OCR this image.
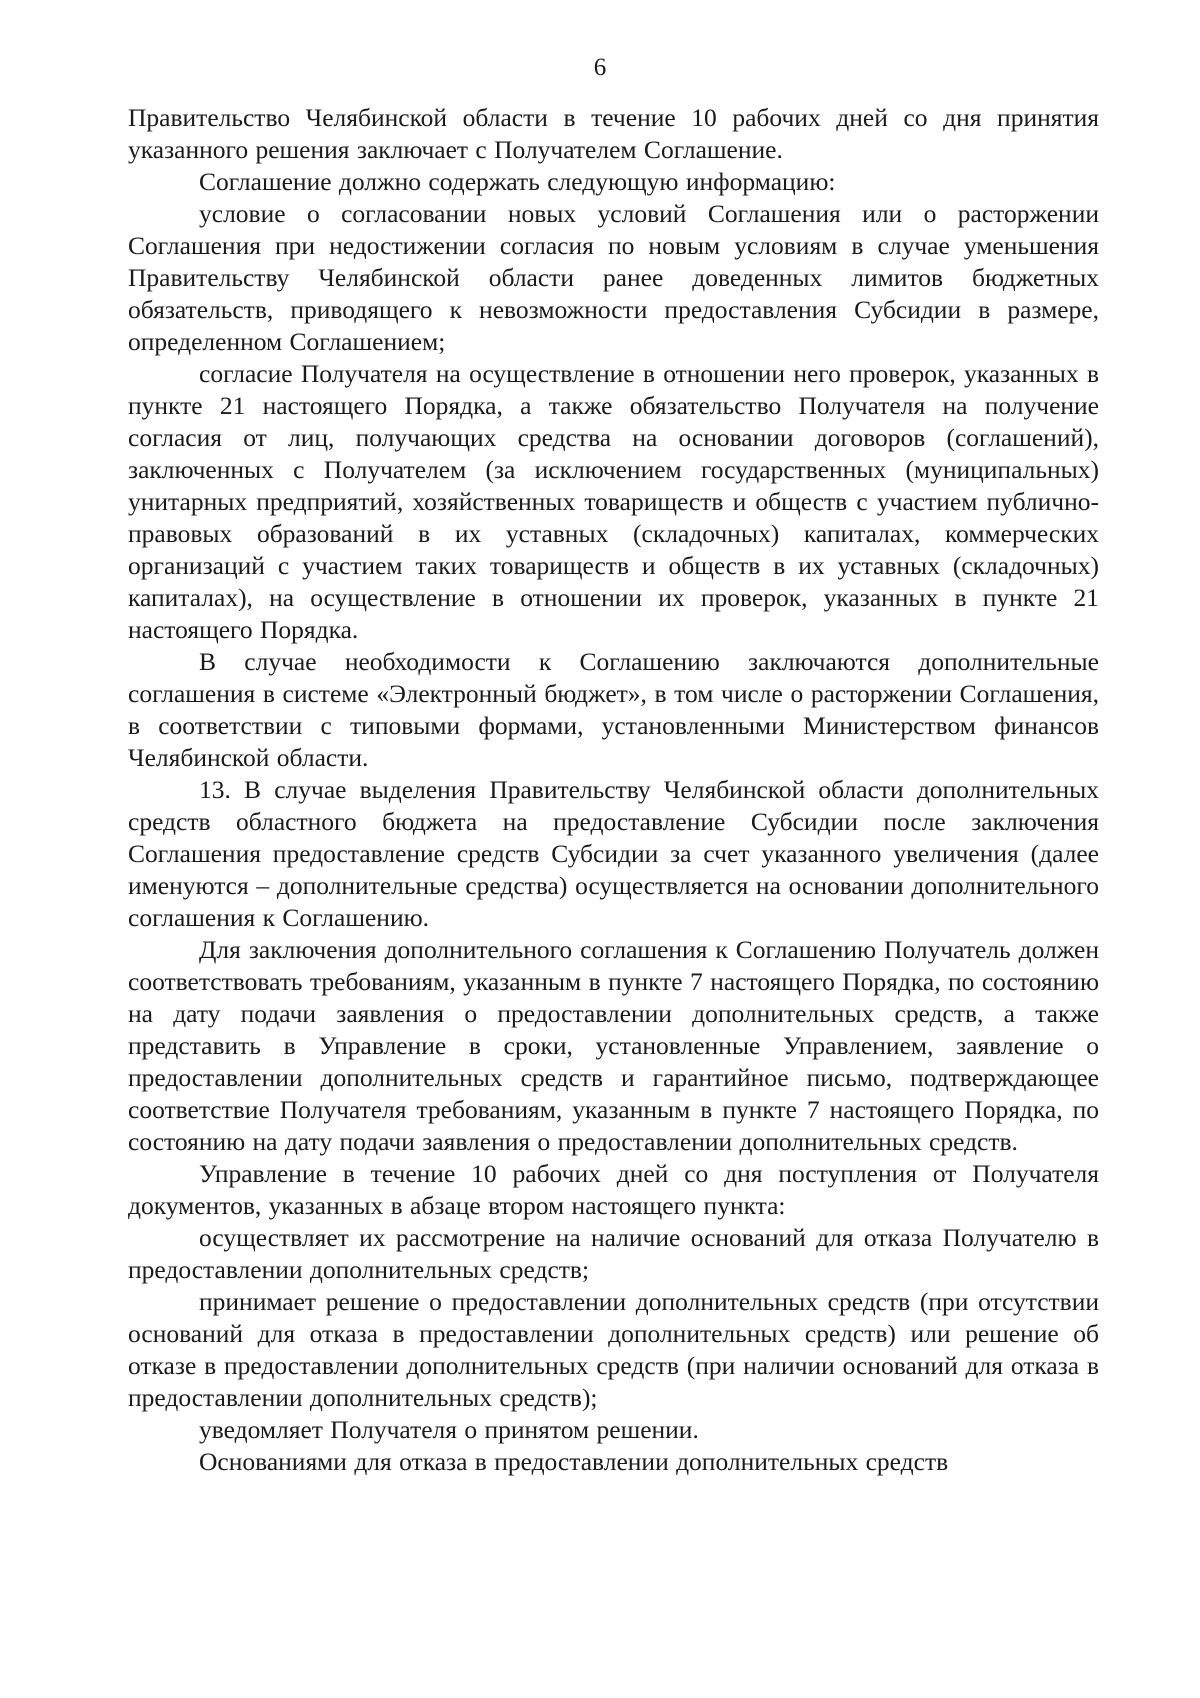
6

Правительство Челябинской области в течение 10 рабочих дней со дня принятия указанного решения заключает с Получателем Соглашение.

Соглашение должно содержать следующую информацию:

условие о согласовании новых условий Соглашения или о расторжении Соглашения при недостижении согласия по новым условиям в случае уменьшения Правительству Челябинской области ранее доведенных лимитов бюджетных обязательств, приводящего к невозможности предоставления Субсидии в размере, определенном Соглашением;

согласие Получателя на осуществление в отношении него проверок, указанных в пункте 21 настоящего Порядка, а также обязательство Получателя на получение согласия от лиц, получающих средства на основании договоров (соглашений), заключенных с Получателем (за исключением государственных (муниципальных) унитарных предприятий, хозяйственных товариществ и обществ с участием публично-правовых образований в их уставных (складочных) капиталах, коммерческих организаций с участием таких товариществ и обществ в их уставных (складочных) капиталах), на осуществление в отношении их проверок, указанных в пункте 21 настоящего Порядка.

В случае необходимости к Соглашению заключаются дополнительные соглашения в системе «Электронный бюджет», в том числе о расторжении Соглашения, в соответствии с типовыми формами, установленными Министерством финансов Челябинской области.

13. В случае выделения Правительству Челябинской области дополнительных средств областного бюджета на предоставление Субсидии после заключения Соглашения предоставление средств Субсидии за счет указанного увеличения (далее именуются – дополнительные средства) осуществляется на основании дополнительного соглашения к Соглашению.

Для заключения дополнительного соглашения к Соглашению Получатель должен соответствовать требованиям, указанным в пункте 7 настоящего Порядка, по состоянию на дату подачи заявления о предоставлении дополнительных средств, а также представить в Управление в сроки, установленные Управлением, заявление о предоставлении дополнительных средств и гарантийное письмо, подтверждающее соответствие Получателя требованиям, указанным в пункте 7 настоящего Порядка, по состоянию на дату подачи заявления о предоставлении дополнительных средств.

Управление в течение 10 рабочих дней со дня поступления от Получателя документов, указанных в абзаце втором настоящего пункта:

осуществляет их рассмотрение на наличие оснований для отказа Получателю в предоставлении дополнительных средств;

принимает решение о предоставлении дополнительных средств (при отсутствии оснований для отказа в предоставлении дополнительных средств) или решение об отказе в предоставлении дополнительных средств (при наличии оснований для отказа в предоставлении дополнительных средств);

уведомляет Получателя о принятом решении.

Основаниями для отказа в предоставлении дополнительных средств
